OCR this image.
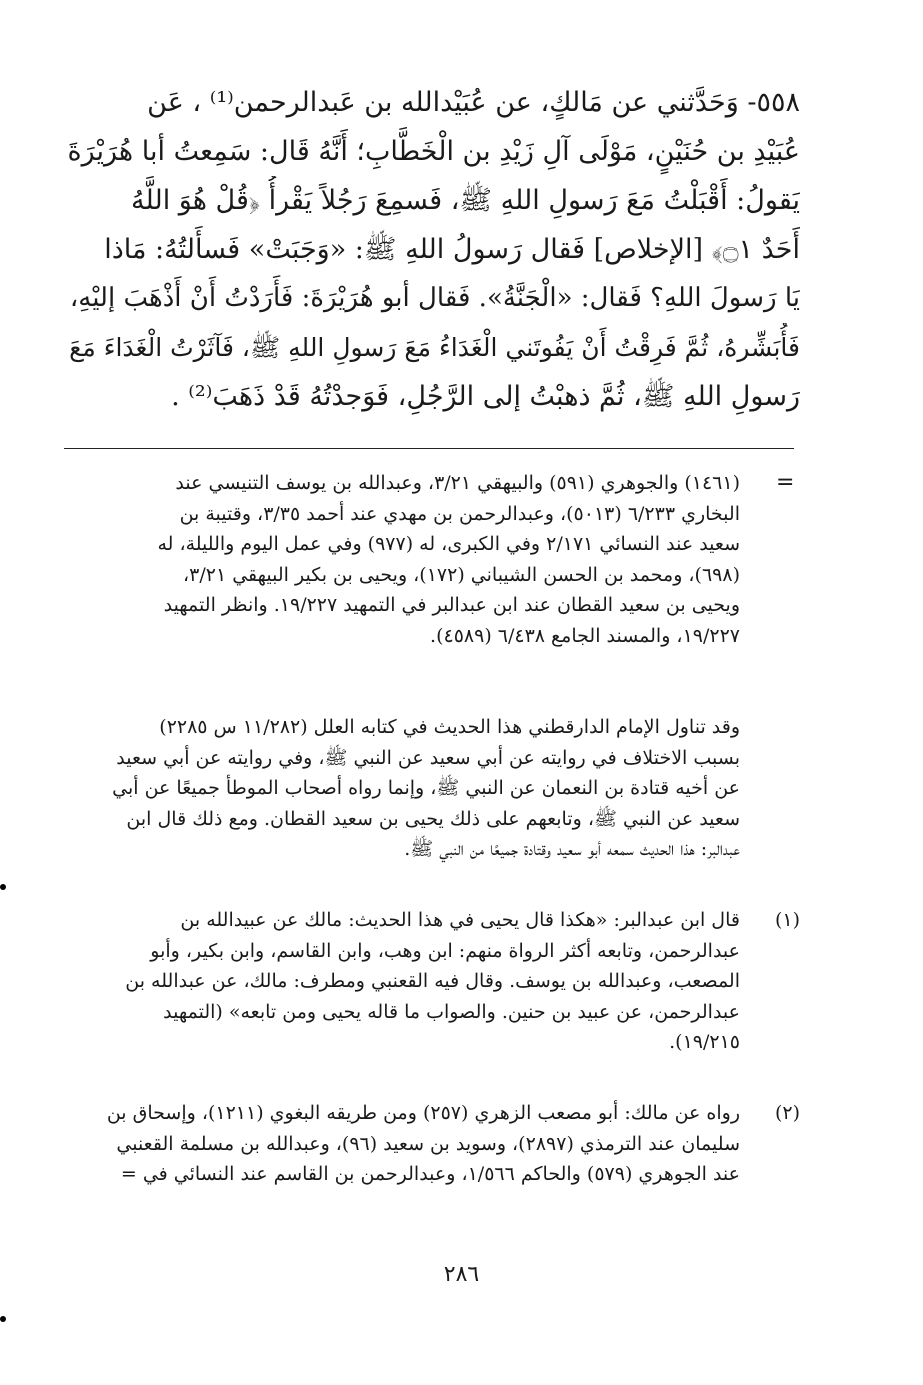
٥٥٨- وَحَدَّثني عن مَالكٍ، عن عُبَيْدالله بن عَبدالرحمن⁽¹⁾ ، عَن
عُبَيْدِ بن حُنَيْنٍ، مَوْلَى آلِ زَيْدِ بن الْخَطَّابِ؛ أَنَّهُ قَال: سَمِعتُ أبا هُرَيْرَةَ
يَقولُ: أَقْبَلْتُ مَعَ رَسولِ اللهِ ﷺ، فَسمِعَ رَجُلاً يَقْرأُ ﴿قُلْ هُوَ اللَّهُ
أَحَدٌ ۝١﴾ [الإخلاص] فَقال رَسولُ اللهِ ﷺ: «وَجَبَتْ» فَسأَلتُهُ: مَاذا
يَا رَسولَ اللهِ؟ فَقال: «الْجَنَّةُ». فَقال أبو هُرَيْرَةَ: فَأَرَدْتُ أَنْ أَذْهَبَ إليْهِ،
فَأُبَشِّرهُ، ثُمَّ فَرِقْتُ أَنْ يَفُوتَني الْغَدَاءُ مَعَ رَسولِ اللهِ ﷺ، فَآثَرْتُ الْغَدَاءَ مَعَ
رَسولِ اللهِ ﷺ، ثُمَّ ذهبْتُ إلى الرَّجُلِ، فَوَجدْتُهُ قَدْ ذَهَبَ⁽²⁾ .
=
(١٤٦١) والجوهري (٥٩١) والبيهقي ٣/٢١، وعبدالله بن يوسف التنيسي عند
البخاري ٦/٢٣٣ (٥٠١٣)، وعبدالرحمن بن مهدي عند أحمد ٣/٣٥، وقتيبة بن
سعيد عند النسائي ٢/١٧١ وفي الكبرى، له (٩٧٧) وفي عمل اليوم والليلة، له
(٦٩٨)، ومحمد بن الحسن الشيباني (١٧٢)، ويحيى بن بكير البيهقي ٣/٢١،
ويحيى بن سعيد القطان عند ابن عبدالبر في التمهيد ١٩/٢٢٧. وانظر التمهيد
١٩/٢٢٧، والمسند الجامع ٦/٤٣٨ (٤٥٨٩).
وقد تناول الإمام الدارقطني هذا الحديث في كتابه العلل (١١/٢٨٢ س ٢٢٨٥)
بسبب الاختلاف في روايته عن أبي سعيد عن النبي ﷺ، وفي روايته عن أبي سعيد
عن أخيه قتادة بن النعمان عن النبي ﷺ، وإنما رواه أصحاب الموطأ جميعًا عن أبي
سعيد عن النبي ﷺ، وتابعهم على ذلك يحيى بن سعيد القطان. ومع ذلك قال ابن
عبدالبر: هذا الحديث سمعه أبو سعيد وقتادة جميعًا من النبي ﷺ.
(١)
قال ابن عبدالبر: «هكذا قال يحيى في هذا الحديث: مالك عن عبيدالله بن
عبدالرحمن، وتابعه أكثر الرواة منهم: ابن وهب، وابن القاسم، وابن بكير، وأبو
المصعب، وعبدالله بن يوسف. وقال فيه القعنبي ومطرف: مالك، عن عبدالله بن
عبدالرحمن، عن عبيد بن حنين. والصواب ما قاله يحيى ومن تابعه» (التمهيد
١٩/٢١٥).
(٢)
رواه عن مالك: أبو مصعب الزهري (٢٥٧) ومن طريقه البغوي (١٢١١)، وإسحاق بن
سليمان عند الترمذي (٢٨٩٧)، وسويد بن سعيد (٩٦)، وعبدالله بن مسلمة القعنبي
عند الجوهري (٥٧٩) والحاكم ١/٥٦٦، وعبدالرحمن بن القاسم عند النسائي في =
٢٨٦
